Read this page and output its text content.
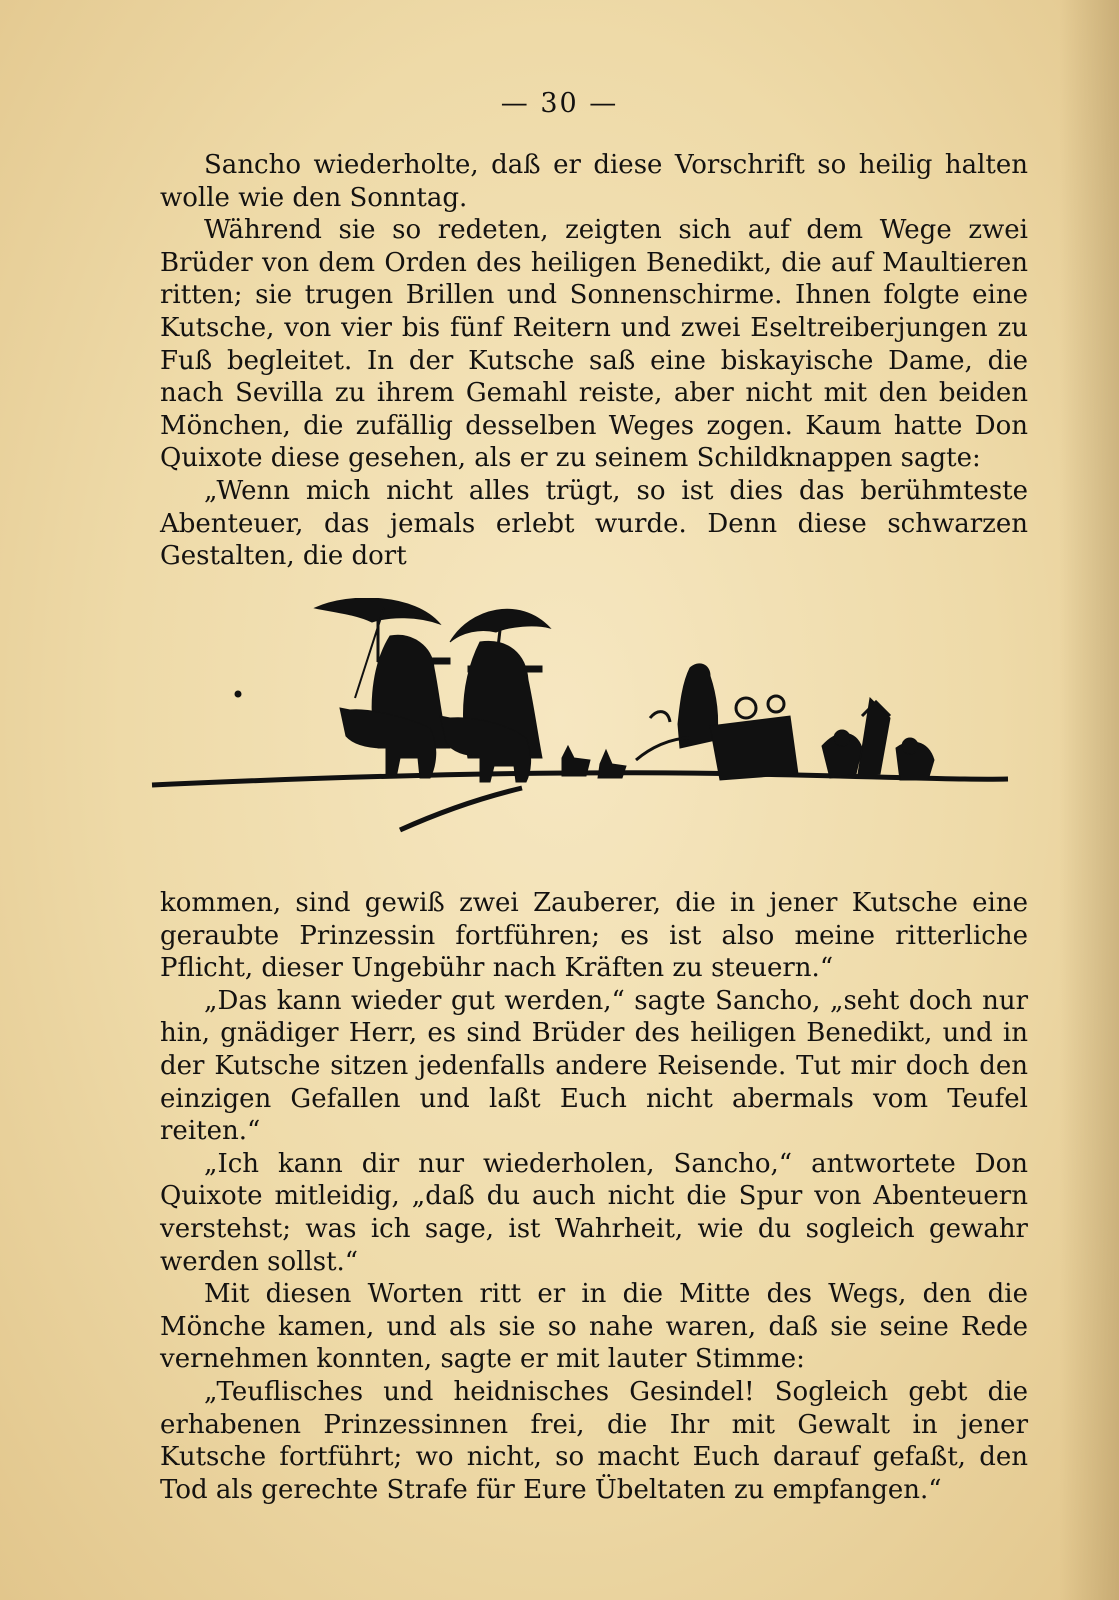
— 30 —

Sancho wiederholte, daß er diese Vorschrift so heilig halten wolle wie den Sonntag.

Während sie so redeten, zeigten sich auf dem Wege zwei Brüder von dem Orden des heiligen Benedikt, die auf Maultieren ritten; sie trugen Brillen und Sonnenschirme. Ihnen folgte eine Kutsche, von vier bis fünf Reitern und zwei Eseltreiberjungen zu Fuß begleitet. In der Kutsche saß eine biskayische Dame, die nach Sevilla zu ihrem Gemahl reiste, aber nicht mit den beiden Mönchen, die zufällig desselben Weges zogen. Kaum hatte Don Quixote diese gesehen, als er zu seinem Schildknappen sagte:

„Wenn mich nicht alles trügt, so ist dies das berühmteste Abenteuer, das jemals erlebt wurde. Denn diese schwarzen Gestalten, die dort

kommen, sind gewiß zwei Zauberer, die in jener Kutsche eine geraubte Prinzessin fortführen; es ist also meine ritterliche Pflicht, dieser Ungebühr nach Kräften zu steuern.“

„Das kann wieder gut werden,“ sagte Sancho, „seht doch nur hin, gnädiger Herr, es sind Brüder des heiligen Benedikt, und in der Kutsche sitzen jedenfalls andere Reisende. Tut mir doch den einzigen Gefallen und laßt Euch nicht abermals vom Teufel reiten.“

„Ich kann dir nur wiederholen, Sancho,“ antwortete Don Quixote mitleidig, „daß du auch nicht die Spur von Abenteuern verstehst; was ich sage, ist Wahrheit, wie du sogleich gewahr werden sollst.“

Mit diesen Worten ritt er in die Mitte des Wegs, den die Mönche kamen, und als sie so nahe waren, daß sie seine Rede vernehmen konnten, sagte er mit lauter Stimme:

„Teuflisches und heidnisches Gesindel! Sogleich gebt die erhabenen Prinzessinnen frei, die Ihr mit Gewalt in jener Kutsche fortführt; wo nicht, so macht Euch darauf gefaßt, den Tod als gerechte Strafe für Eure Übeltaten zu empfangen.“
